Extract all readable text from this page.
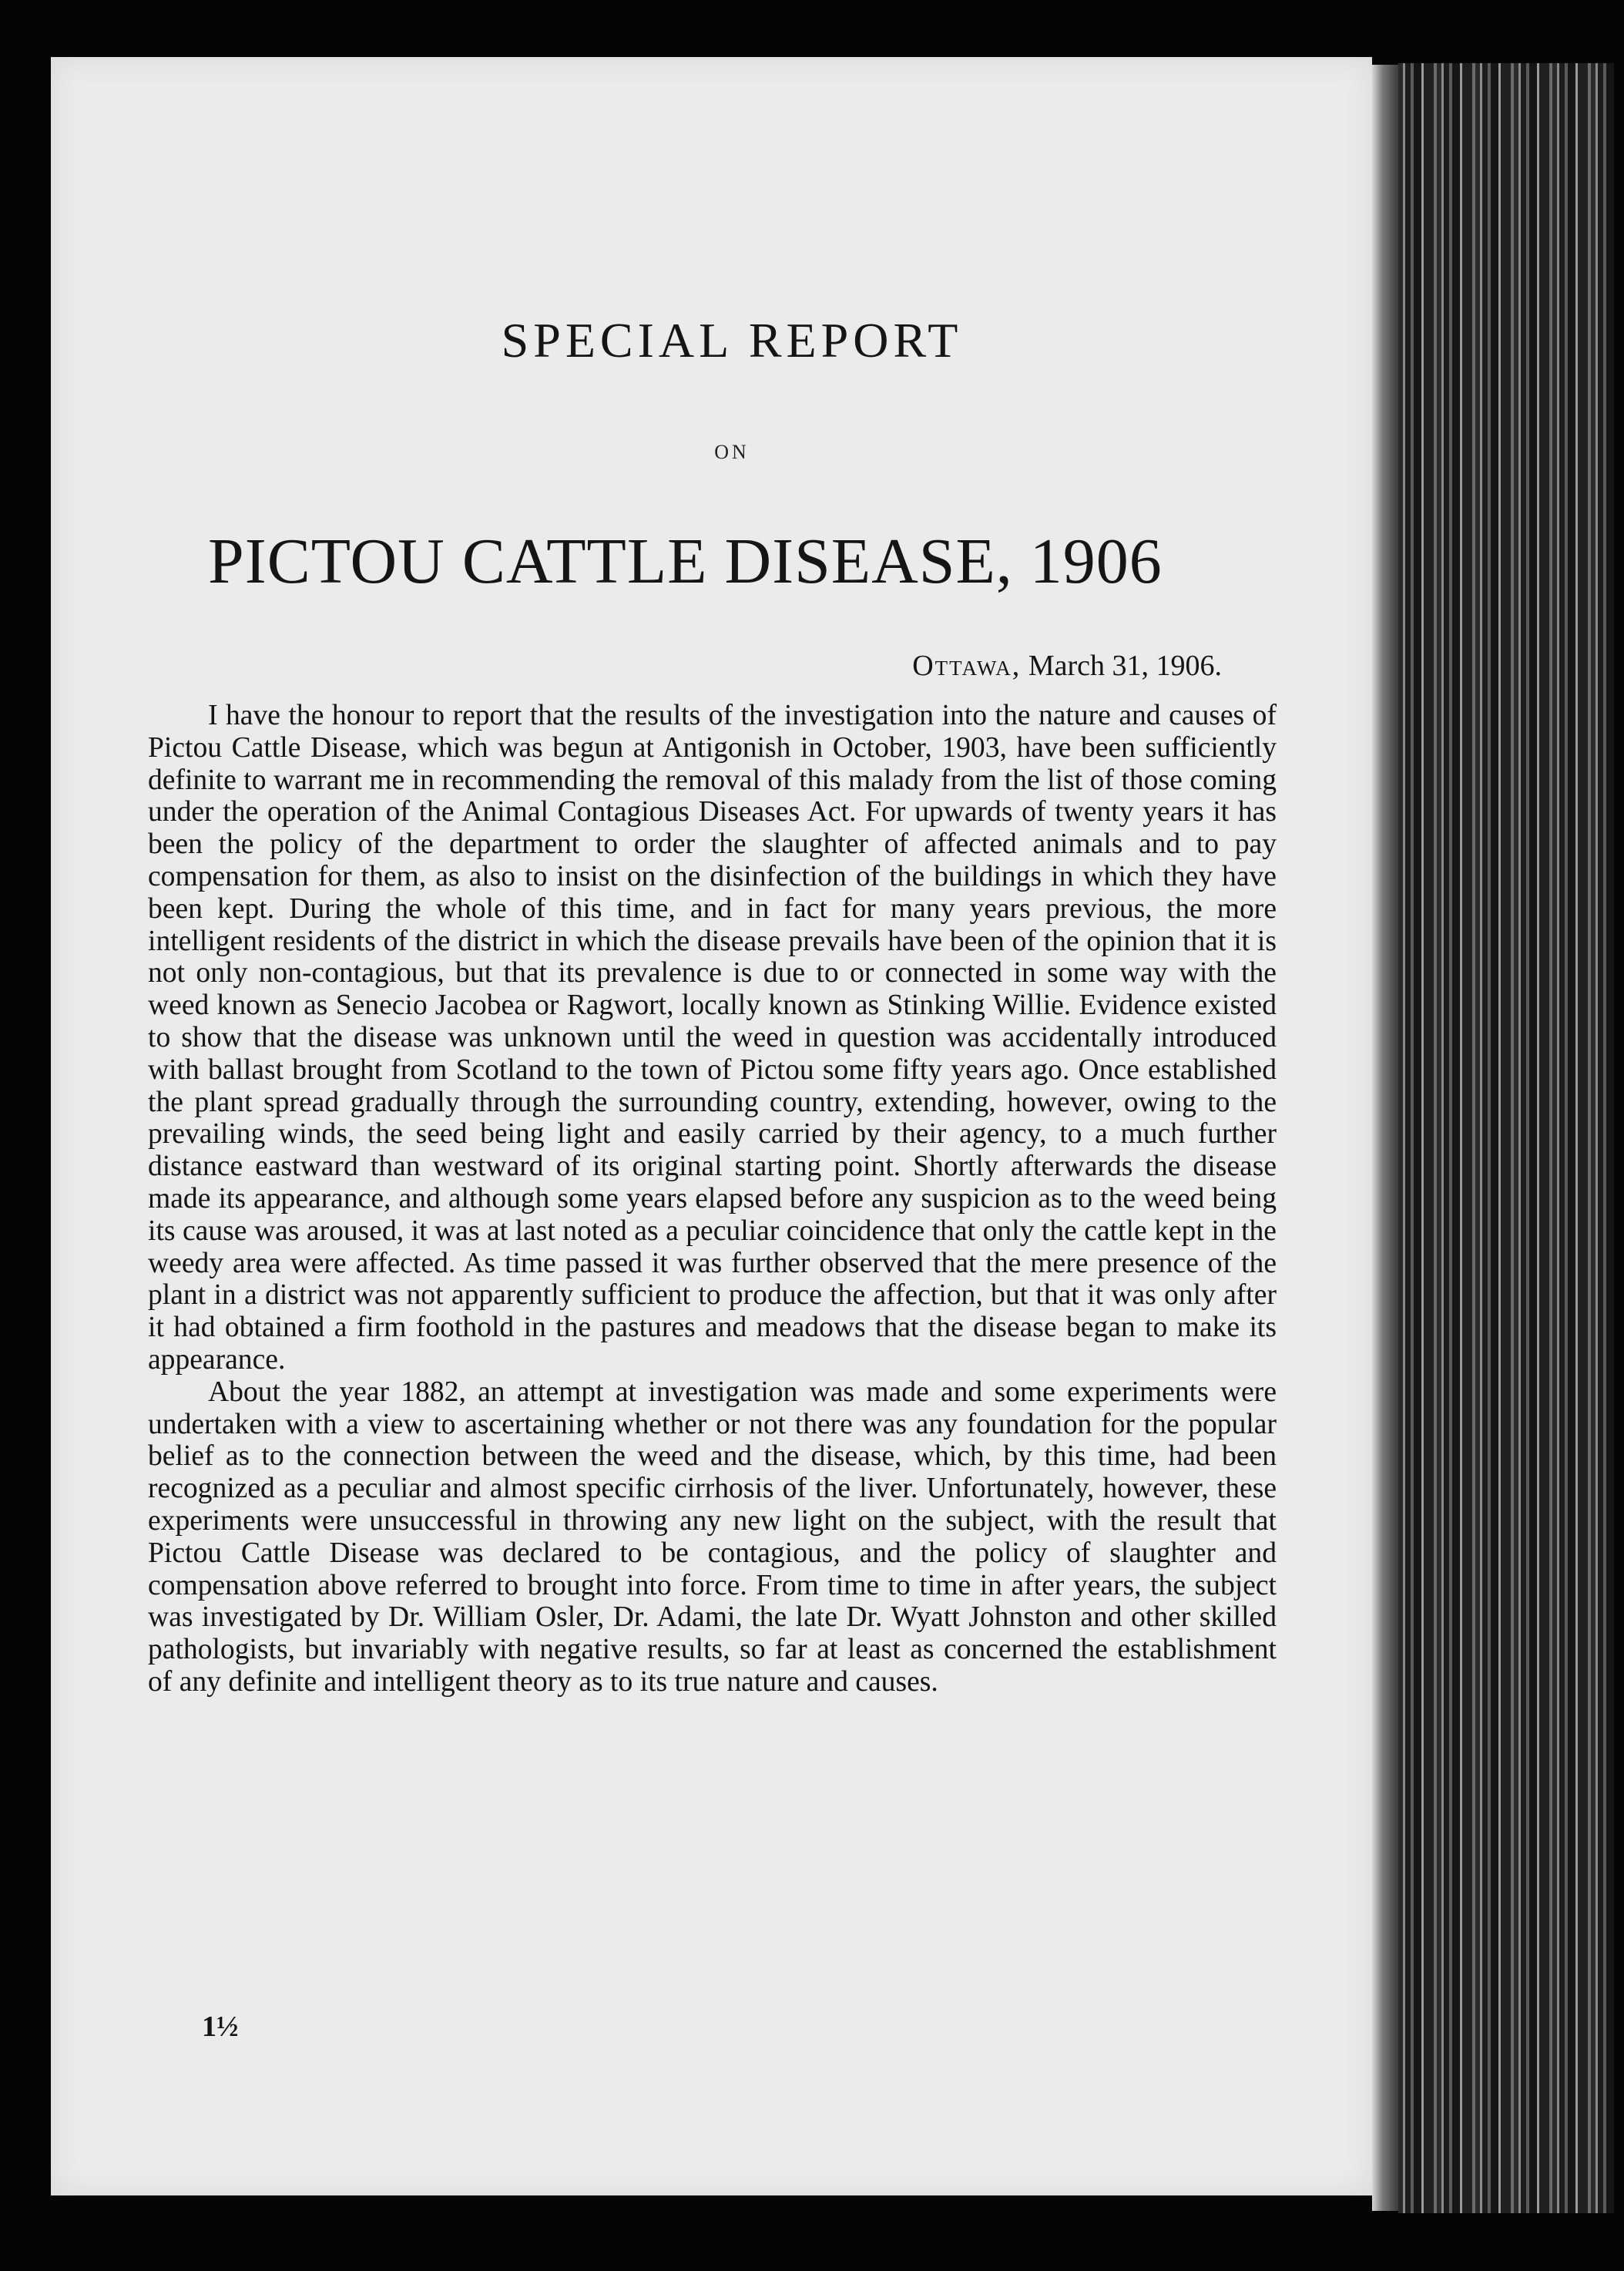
SPECIAL REPORT
ON
PICTOU CATTLE DISEASE, 1906
Ottawa, March 31, 1906.

I have the honour to report that the results of the investigation into the nature and causes of Pictou Cattle Disease, which was begun at Antigonish in October, 1903, have been sufficiently definite to warrant me in recommending the removal of this malady from the list of those coming under the operation of the Animal Contagious Diseases Act. For upwards of twenty years it has been the policy of the department to order the slaughter of affected animals and to pay compensation for them, as also to insist on the disinfection of the buildings in which they have been kept. During the whole of this time, and in fact for many years previous, the more intelligent residents of the district in which the disease prevails have been of the opinion that it is not only non-contagious, but that its prevalence is due to or connected in some way with the weed known as Senecio Jacobea or Ragwort, locally known as Stinking Willie. Evidence existed to show that the disease was unknown until the weed in question was accidentally introduced with ballast brought from Scotland to the town of Pictou some fifty years ago. Once established the plant spread gradually through the surrounding country, extending, however, owing to the prevailing winds, the seed being light and easily carried by their agency, to a much further distance eastward than westward of its original starting point. Shortly afterwards the disease made its appearance, and although some years elapsed before any suspicion as to the weed being its cause was aroused, it was at last noted as a peculiar coincidence that only the cattle kept in the weedy area were affected. As time passed it was further observed that the mere presence of the plant in a district was not apparently sufficient to produce the affection, but that it was only after it had obtained a firm foothold in the pastures and meadows that the disease began to make its appearance.

About the year 1882, an attempt at investigation was made and some experiments were undertaken with a view to ascertaining whether or not there was any foundation for the popular belief as to the connection between the weed and the disease, which, by this time, had been recognized as a peculiar and almost specific cirrhosis of the liver. Unfortunately, however, these experiments were unsuccessful in throwing any new light on the subject, with the result that Pictou Cattle Disease was declared to be contagious, and the policy of slaughter and compensation above referred to brought into force. From time to time in after years, the subject was investigated by Dr. William Osler, Dr. Adami, the late Dr. Wyatt Johnston and other skilled pathologists, but invariably with negative results, so far at least as concerned the establishment of any definite and intelligent theory as to its true nature and causes.

1½
